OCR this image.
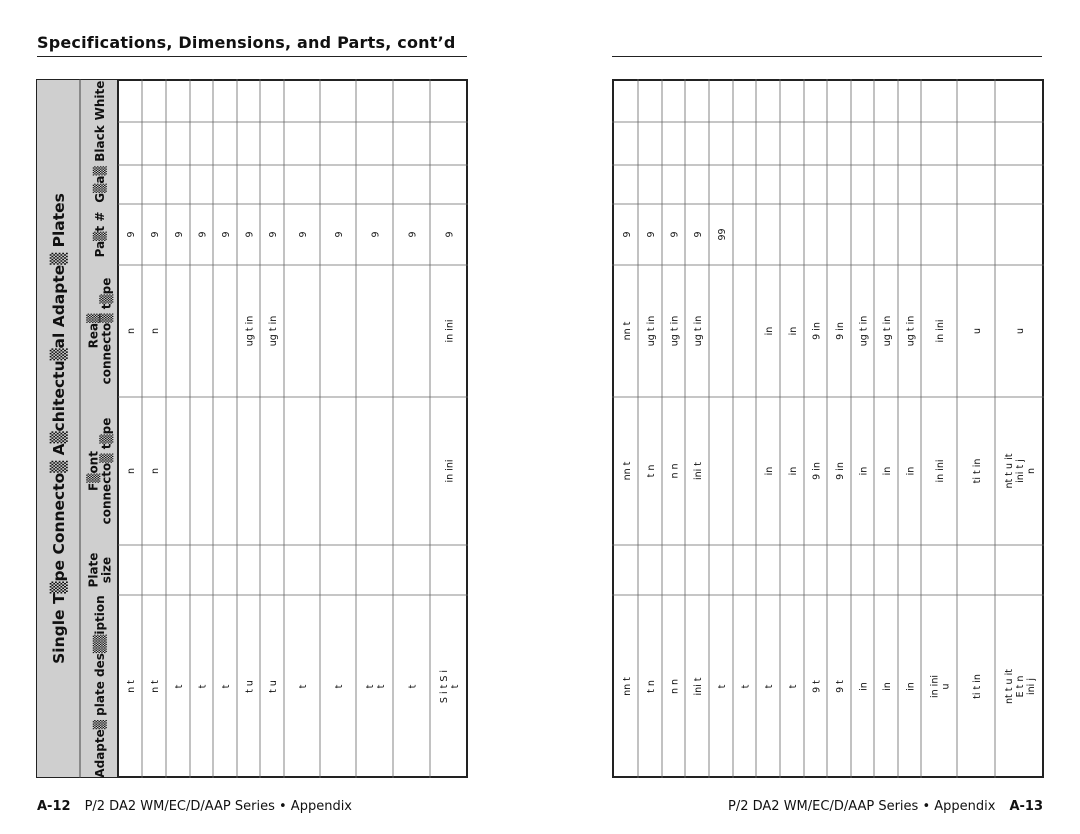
Specifications, Dimensions, and Parts, cont’d
Single T▒pe Connecto▒ A▒chitectu▒al Adapte▒ Plates
White
Black
G▒a▒
Pa▒t #
Rea▒connecto▒ t▒pe
F▒ontconnecto▒ t▒pe
Platesize
Adapte▒ plate des▒▒iption n t
n
n
9
n t
n
n
9
t
9
t
9
t
9
t u
ug t in
9
t u
ug t in
9
t
9
t
9
tt
9
t
9
S i t S it
in ini
in ini
9
nn t
nn t
nn t
9
t n
t n
ug t in
9
n n
n n
ug t in
9
ini t
ini t
ug t in
9
t
99
t t
in
in
t
in
in
9 t
9 in
9 in
9 t
9 in
9 in
in
in
ug t in
in
in
ug t in
in
in
ug t in
in iniu
in ini
in ini
ti t in
ti t in
u
nt t u itE t nini j
nt t u itini t jn
u
A-12 P/2 DA2 WM/EC/D/AAP Series • Appendix	P/2 DA2 WM/EC/D/AAP Series • Appendix A-13
